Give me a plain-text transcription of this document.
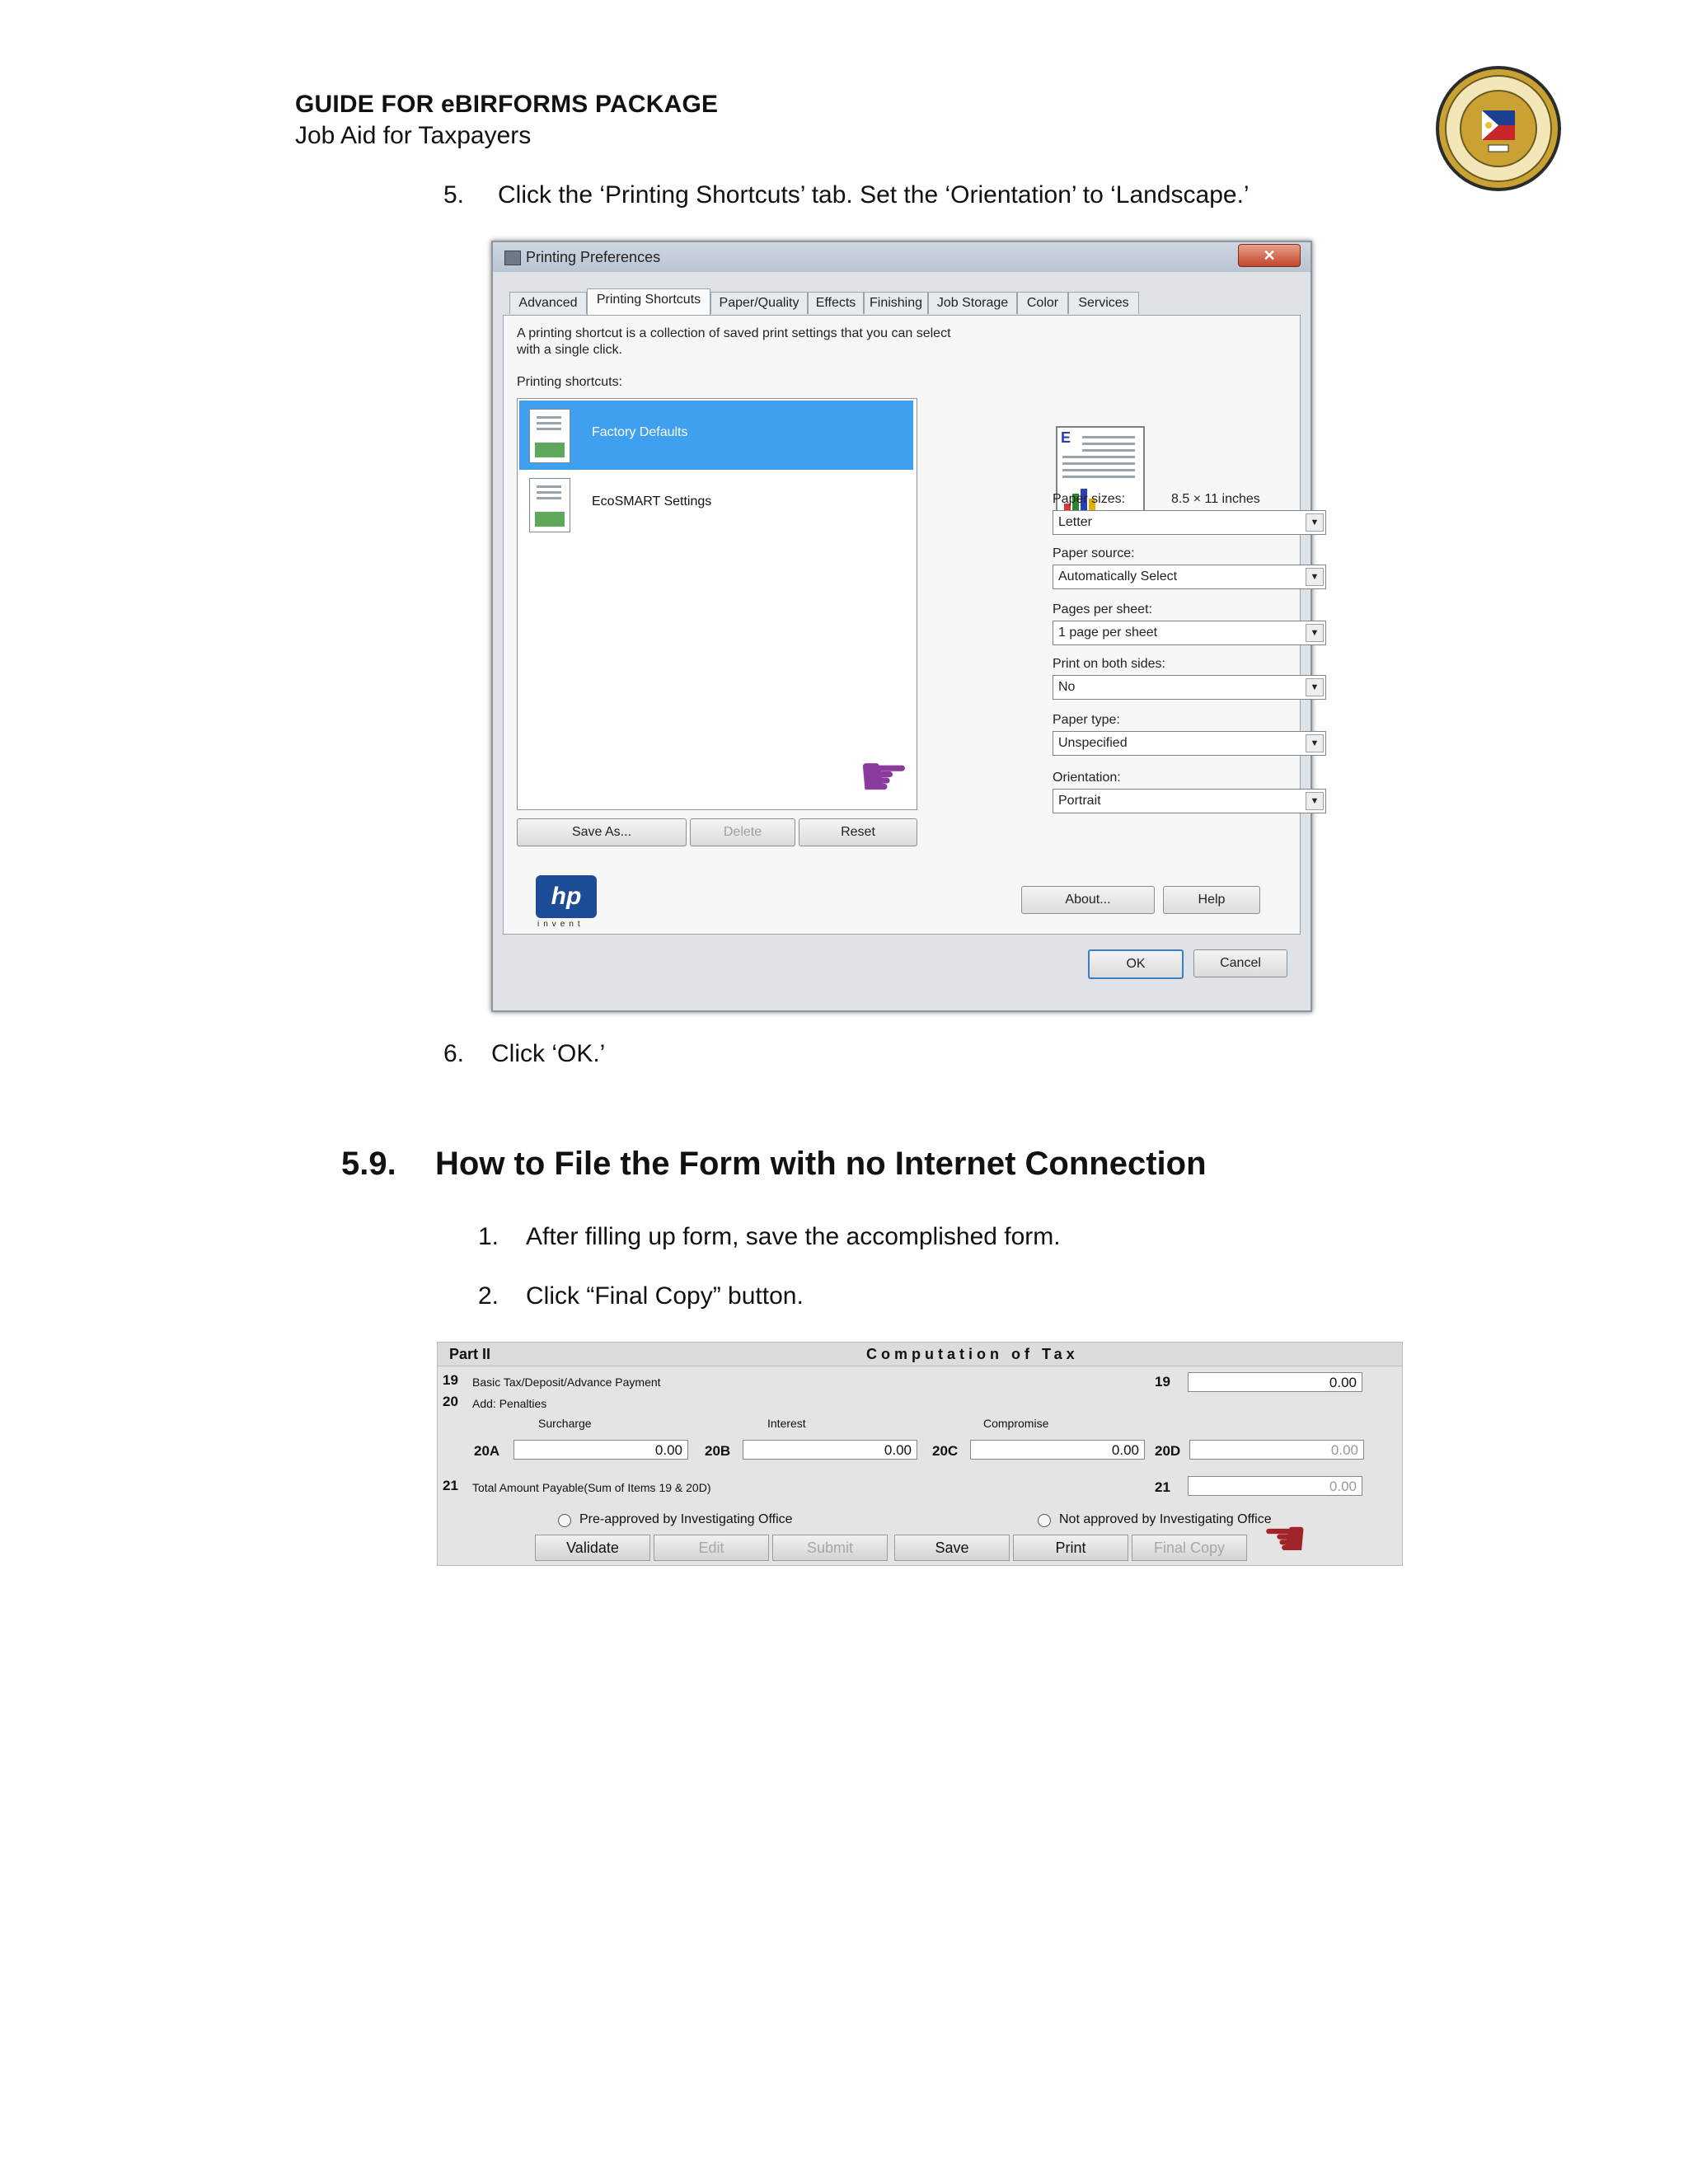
GUIDE FOR eBIRFORMS PACKAGE
Job Aid for Taxpayers
5. Click the ‘Printing Shortcuts’ tab. Set the ‘Orientation’ to ‘Landscape.’
Printing Preferences	✕
Advanced	Printing Shortcuts	Paper/Quality	Effects	Finishing	Job Storage	Color	Services
A printing shortcut is a collection of saved print settings that you can select
with a single click.
Printing shortcuts:
Factory Defaults
EcoSMART Settings
E
Paper sizes:	8.5 × 11 inches
Letter	▼
Paper source:
Automatically Select	▼
Pages per sheet:
1 page per sheet	▼
Print on both sides:
No	▼
Paper type:
Unspecified	▼
Orientation:
Portrait	▼
☛
Save As...	Delete	Reset
About...	Help
hp
invent
OK	Cancel
6. Click ‘OK.’
5.9. How to File the Form with no Internet Connection
1. After filling up form, save the accomplished form.
2. Click “Final Copy” button.
Part II	Computation of Tax
19 Basic Tax/Deposit/Advance Payment	19	0.00
20 Add: Penalties
Surcharge	Interest	Compromise
20A	0.00	20B	0.00	20C	0.00	20D	0.00
21 Total Amount Payable(Sum of Items 19 & 20D)	21	0.00
Pre-approved by Investigating Office	Not approved by Investigating Office
Validate	Edit	Submit	Save	Print	Final Copy ☛
